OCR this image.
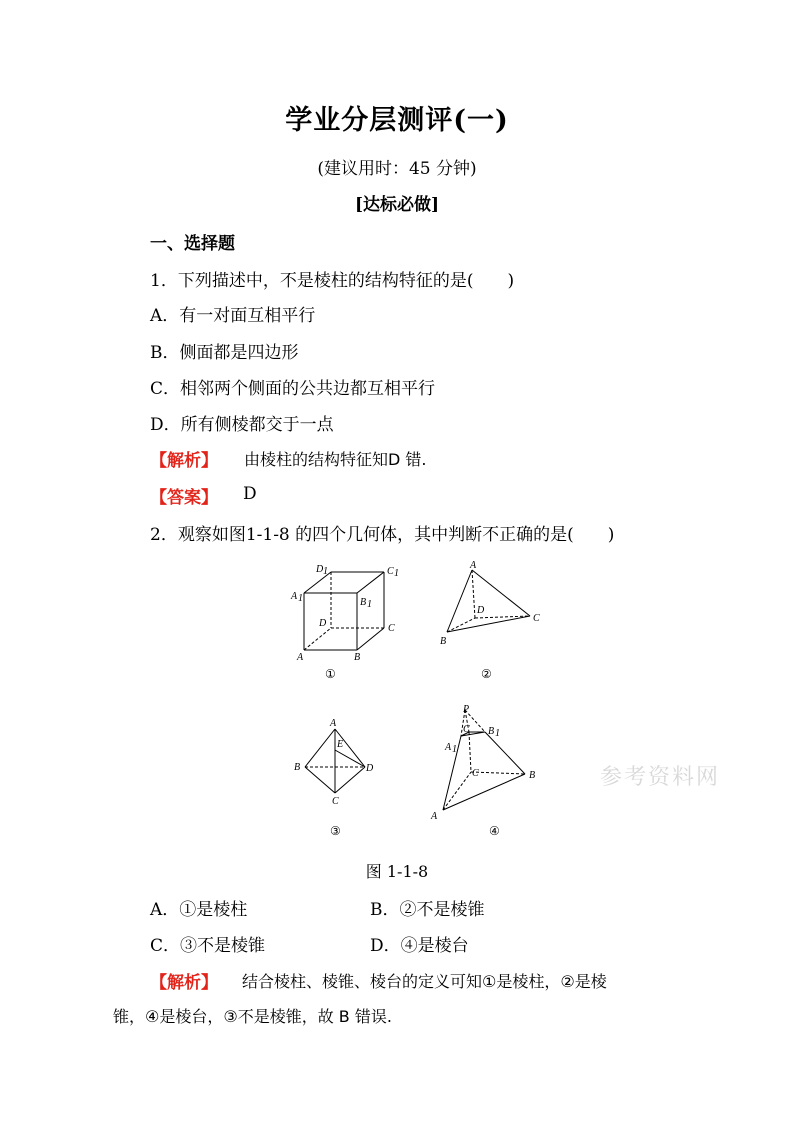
学业分层测评(一)
(建议用时：45 分钟)
[达标必做]
一、选择题
1．下列描述中，不是棱柱的结构特征的是(　　)
A．有一对面互相平行
B．侧面都是四边形
C．相邻两个侧面的公共边都互相平行
D．所有侧棱都交于一点
【解析】 由棱柱的结构特征知D 错.
【答案】 D
2．观察如图1-1-8 的四个几何体，其中判断不正确的是(　　)
D 1	C 1
A 1	B 1
D	C
A	B
①
A
D
C
B
②
A
E
B	D
C
③
P
C B 1
A 1
C	B
A
④
参考资料网
图 1-1-8
A．①是棱柱	B．②不是棱锥
C．③不是棱锥	D．④是棱台
【解析】 结合棱柱、棱锥、棱台的定义可知①是棱柱，②是棱
锥，④是棱台，③不是棱锥，故 B 错误.
